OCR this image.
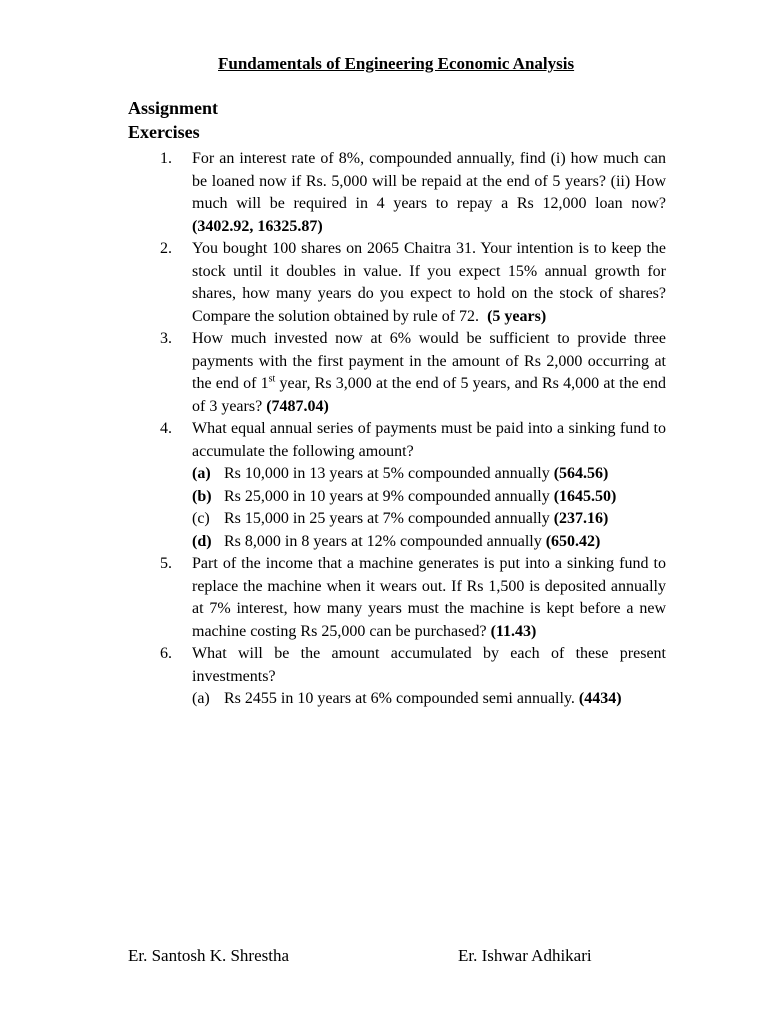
Fundamentals of Engineering Economic Analysis
Assignment
Exercises
1.	For an interest rate of 8%, compounded annually, find (i) how much can be loaned now if Rs. 5,000 will be repaid at the end of 5 years? (ii) How much will be required in 4 years to repay a Rs 12,000 loan now? (3402.92, 16325.87)

2.	You bought 100 shares on 2065 Chaitra 31. Your intention is to keep the stock until it doubles in value. If you expect 15% annual growth for shares, how many years do you expect to hold on the stock of shares? Compare the solution obtained by rule of 72. (5 years)

3.	How much invested now at 6% would be sufficient to provide three payments with the first payment in the amount of Rs 2,000 occurring at the end of 1st year, Rs 3,000 at the end of 5 years, and Rs 4,000 at the end of 3 years? (7487.04)

4.	What equal annual series of payments must be paid into a sinking fund to accumulate the following amount?

(a) Rs 10,000 in 13 years at 5% compounded annually (564.56)
(b) Rs 25,000 in 10 years at 9% compounded annually (1645.50)
(c) Rs 15,000 in 25 years at 7% compounded annually (237.16)
(d) Rs 8,000 in 8 years at 12% compounded annually (650.42)
5.	Part of the income that a machine generates is put into a sinking fund to replace the machine when it wears out. If Rs 1,500 is deposited annually at 7% interest, how many years must the machine is kept before a new machine costing Rs 25,000 can be purchased? (11.43)

6.	What will be the amount accumulated by each of these present investments?

(a) Rs 2455 in 10 years at 6% compounded semi annually. (4434)
Er. Santosh K. Shrestha	Er. Ishwar Adhikari
